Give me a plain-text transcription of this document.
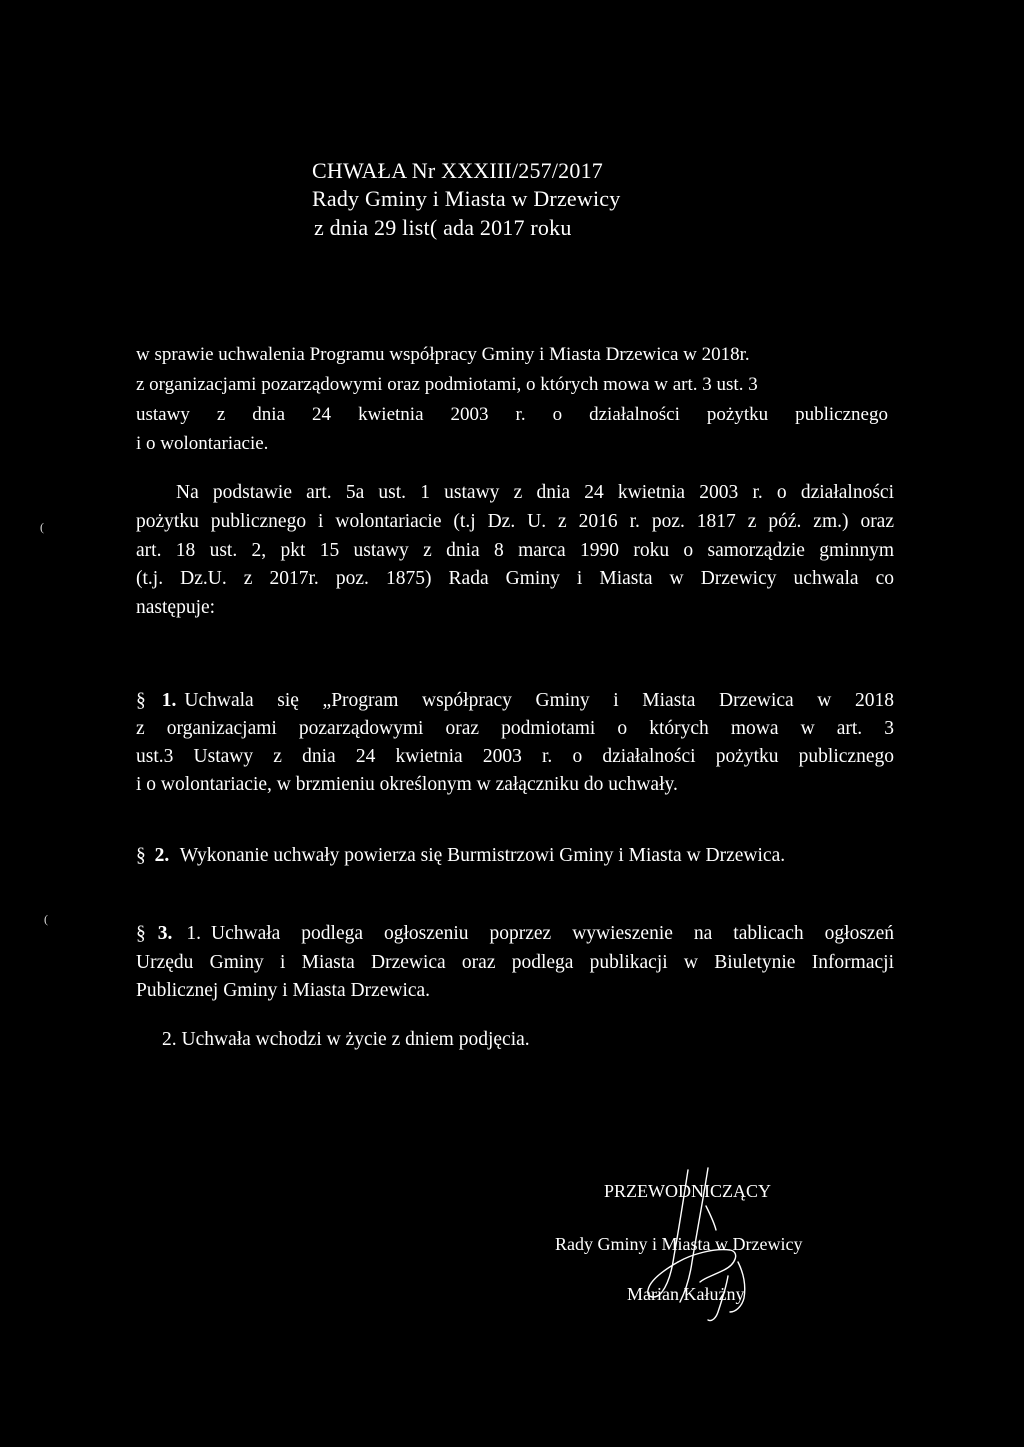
CHWAŁA Nr XXXIII/257/2017
Rady Gminy i Miasta w Drzewicy
z dnia 29 list( ada 2017 roku
w sprawie uchwalenia Programu współpracy Gminy i Miasta Drzewica w 2018r.
z organizacjami pozarządowymi oraz podmiotami, o których mowa w art. 3 ust. 3
ustawy z dnia 24 kwietnia 2003 r. o działalności pożytku publicznego
i o wolontariacie.
Na podstawie art. 5a ust. 1 ustawy z dnia 24 kwietnia 2003 r. o działalności
pożytku publicznego i wolontariacie (t.j Dz. U. z 2016 r. poz. 1817 z póź. zm.) oraz
art. 18 ust. 2, pkt 15 ustawy z dnia 8 marca 1990 roku o samorządzie gminnym
(t.j. Dz.U. z 2017r. poz. 1875) Rada Gminy i Miasta w Drzewicy uchwala co
następuje:
§ 1. Uchwala się „Program współpracy Gminy i Miasta Drzewica w 2018
z organizacjami pozarządowymi oraz podmiotami o których mowa w art. 3
ust.3 Ustawy z dnia 24 kwietnia 2003 r. o działalności pożytku publicznego
i o wolontariacie, w brzmieniu określonym w załączniku do uchwały.
§ 2. Wykonanie uchwały powierza się Burmistrzowi Gminy i Miasta w Drzewica.
§ 3. 1. Uchwała podlega ogłoszeniu poprzez wywieszenie na tablicach ogłoszeń
Urzędu Gminy i Miasta Drzewica oraz podlega publikacji w Biuletynie Informacji
Publicznej Gminy i Miasta Drzewica.
2. Uchwała wchodzi w życie z dniem podjęcia.
(
(
PRZEWODNICZĄCY
Rady Gminy i Miasta w Drzewicy
Marian Kałużny
